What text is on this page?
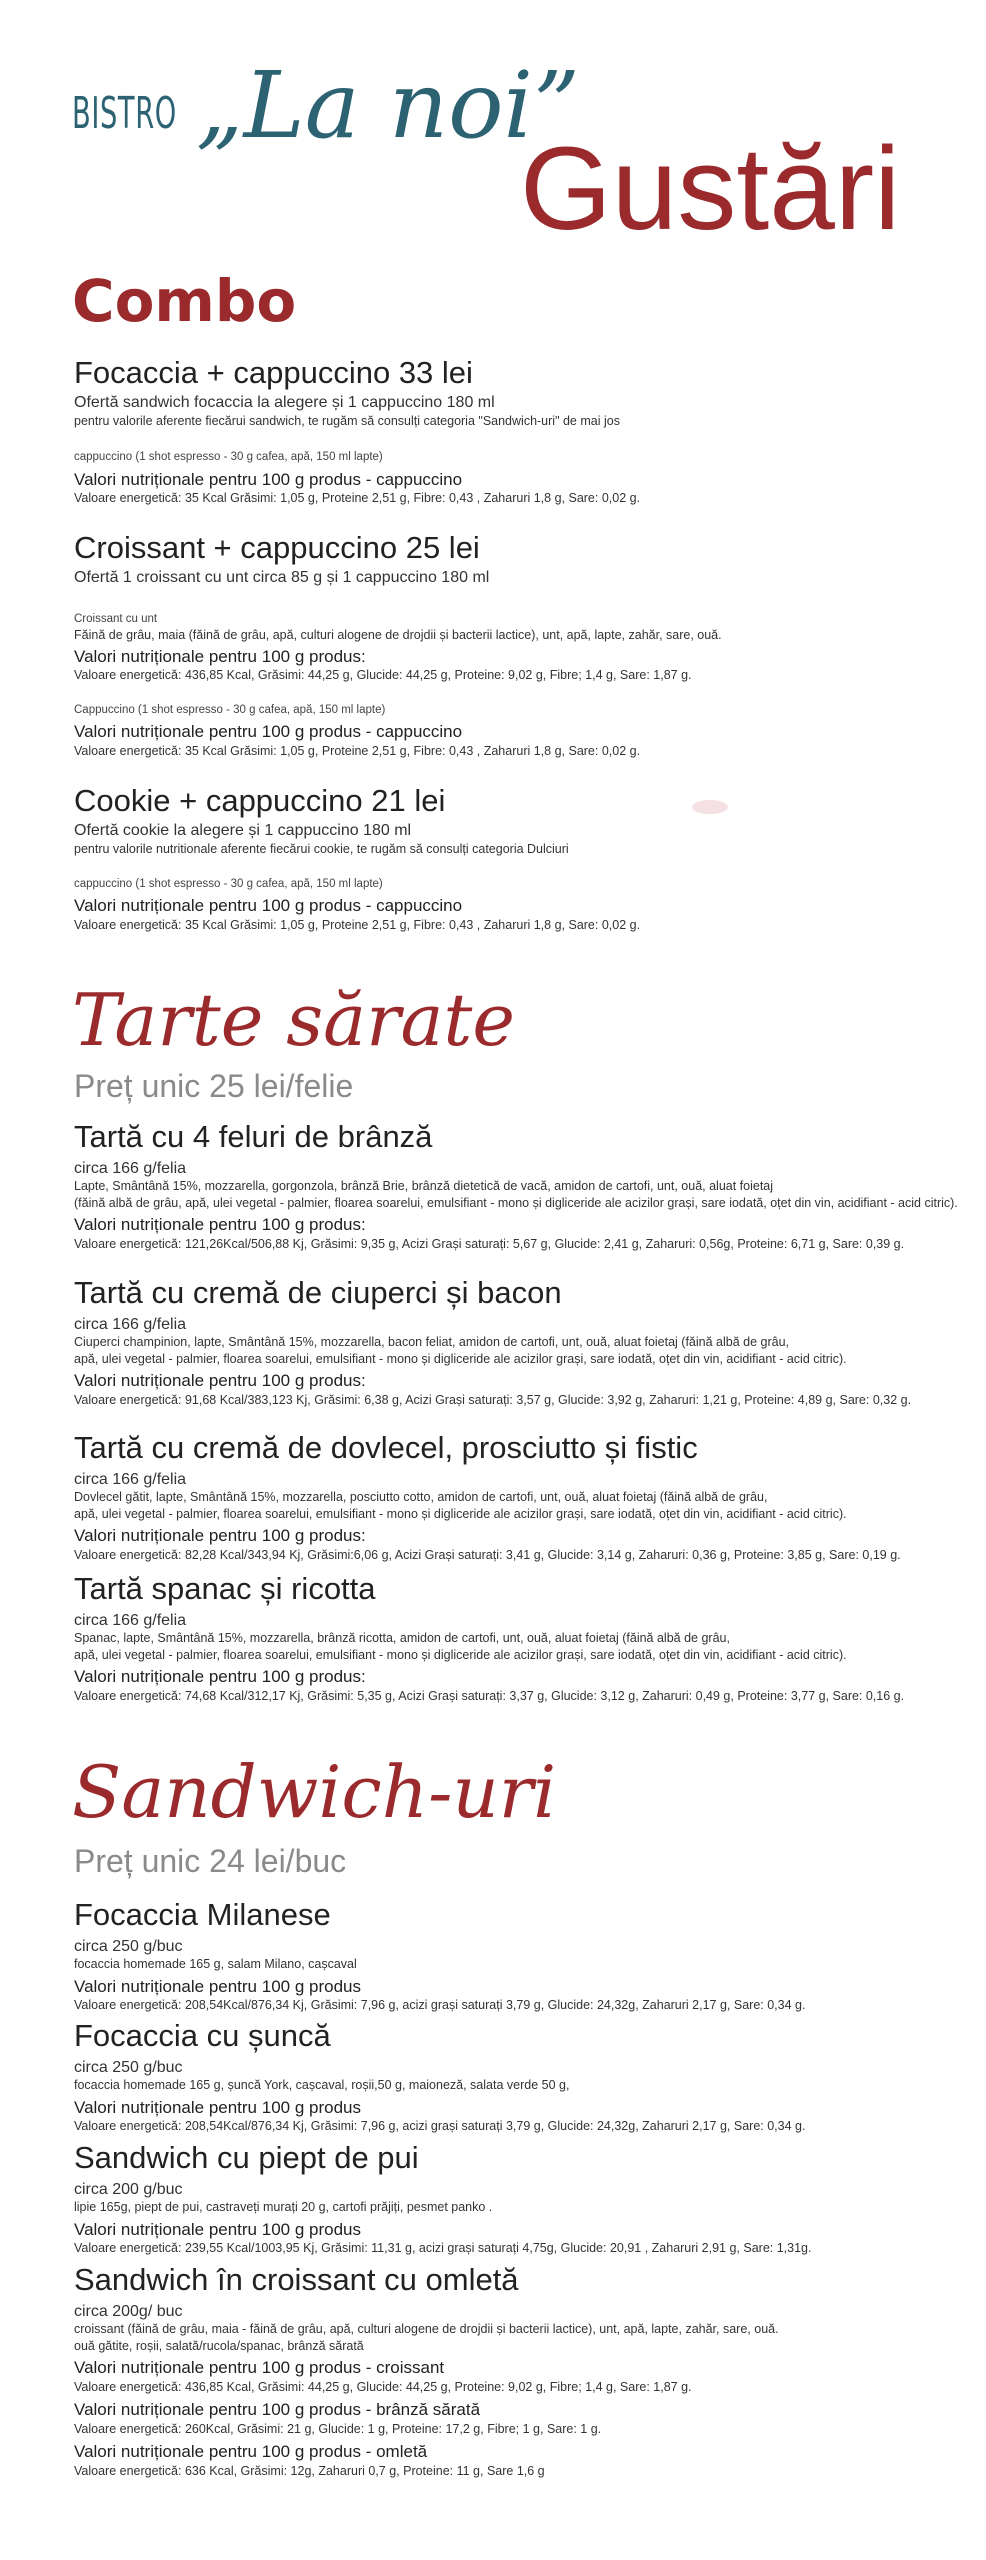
BISTRO „La noi”
Gustări
Combo
Focaccia + cappuccino 33 lei
Ofertă sandwich focaccia la alegere și 1 cappuccino 180 ml
pentru valorile aferente fiecărui sandwich, te rugăm să consulți categoria "Sandwich-uri" de mai jos
cappuccino (1 shot espresso - 30 g cafea, apă, 150 ml lapte)
Valori nutriționale pentru 100 g produs - cappuccino
Valoare energetică: 35 Kcal Grăsimi: 1,05 g, Proteine 2,51 g, Fibre: 0,43 , Zaharuri 1,8 g, Sare: 0,02 g.
Croissant + cappuccino 25 lei
Ofertă 1 croissant cu unt circa 85 g și 1 cappuccino 180 ml
Croissant cu unt
Făină de grâu, maia (făină de grâu, apă, culturi alogene de drojdii și bacterii lactice), unt, apă, lapte, zahăr, sare, ouă.
Valori nutriționale pentru 100 g produs:
Valoare energetică: 436,85 Kcal, Grăsimi: 44,25 g, Glucide: 44,25 g, Proteine: 9,02 g, Fibre; 1,4 g, Sare: 1,87 g.
Cappuccino (1 shot espresso - 30 g cafea, apă, 150 ml lapte)
Valori nutriționale pentru 100 g produs - cappuccino
Valoare energetică: 35 Kcal Grăsimi: 1,05 g, Proteine 2,51 g, Fibre: 0,43 , Zaharuri 1,8 g, Sare: 0,02 g.
Cookie + cappuccino 21 lei
Ofertă cookie la alegere și 1 cappuccino 180 ml
pentru valorile nutritionale aferente fiecărui cookie, te rugăm să consulți categoria Dulciuri
cappuccino (1 shot espresso - 30 g cafea, apă, 150 ml lapte)
Valori nutriționale pentru 100 g produs - cappuccino
Valoare energetică: 35 Kcal Grăsimi: 1,05 g, Proteine 2,51 g, Fibre: 0,43 , Zaharuri 1,8 g, Sare: 0,02 g.
Tarte sărate
Preț unic 25 lei/felie
Tartă cu 4 feluri de brânză
circa 166 g/felia
Lapte, Smântână 15%, mozzarella, gorgonzola, brânză Brie, brânză dietetică de vacă, amidon de cartofi, unt, ouă, aluat foietaj
(făină albă de grâu, apă, ulei vegetal - palmier, floarea soarelui, emulsifiant - mono și digliceride ale acizilor grași, sare iodată, oțet din vin, acidifiant - acid citric).
Valori nutriționale pentru 100 g produs:
Valoare energetică: 121,26Kcal/506,88 Kj, Grăsimi: 9,35 g, Acizi Grași saturați: 5,67 g, Glucide: 2,41 g, Zaharuri: 0,56g, Proteine: 6,71 g, Sare: 0,39 g.
Tartă cu cremă de ciuperci și bacon
circa 166 g/felia
Ciuperci champinion, lapte, Smântână 15%, mozzarella, bacon feliat, amidon de cartofi, unt, ouă, aluat foietaj (făină albă de grâu,
apă, ulei vegetal - palmier, floarea soarelui, emulsifiant - mono și digliceride ale acizilor grași, sare iodată, oțet din vin, acidifiant - acid citric).
Valori nutriționale pentru 100 g produs:
Valoare energetică: 91,68 Kcal/383,123 Kj, Grăsimi: 6,38 g, Acizi Grași saturați: 3,57 g, Glucide: 3,92 g, Zaharuri: 1,21 g, Proteine: 4,89 g, Sare: 0,32 g.
Tartă cu cremă de dovlecel, prosciutto și fistic
circa 166 g/felia
Dovlecel gătit, lapte, Smântână 15%, mozzarella, posciutto cotto, amidon de cartofi, unt, ouă, aluat foietaj (făină albă de grâu,
apă, ulei vegetal - palmier, floarea soarelui, emulsifiant - mono și digliceride ale acizilor grași, sare iodată, oțet din vin, acidifiant - acid citric).
Valori nutriționale pentru 100 g produs:
Valoare energetică: 82,28 Kcal/343,94 Kj, Grăsimi:6,06 g, Acizi Grași saturați: 3,41 g, Glucide: 3,14 g, Zaharuri: 0,36 g, Proteine: 3,85 g, Sare: 0,19 g.
Tartă spanac și ricotta
circa 166 g/felia
Spanac, lapte, Smântână 15%, mozzarella, brânză ricotta, amidon de cartofi, unt, ouă, aluat foietaj (făină albă de grâu,
apă, ulei vegetal - palmier, floarea soarelui, emulsifiant - mono și digliceride ale acizilor grași, sare iodată, oțet din vin, acidifiant - acid citric).
Valori nutriționale pentru 100 g produs:
Valoare energetică: 74,68 Kcal/312,17 Kj, Grăsimi: 5,35 g, Acizi Grași saturați: 3,37 g, Glucide: 3,12 g, Zaharuri: 0,49 g, Proteine: 3,77 g, Sare: 0,16 g.
Sandwich-uri
Preț unic 24 lei/buc
Focaccia Milanese
circa 250 g/buc
focaccia homemade 165 g, salam Milano, cașcaval
Valori nutriționale pentru 100 g produs
Valoare energetică: 208,54Kcal/876,34 Kj, Grăsimi: 7,96 g, acizi grași saturați 3,79 g, Glucide: 24,32g, Zaharuri 2,17 g, Sare: 0,34 g.
Focaccia cu șuncă
circa 250 g/buc
focaccia homemade 165 g, șuncă York, cașcaval, roșii,50 g, maioneză, salata verde 50 g,
Valori nutriționale pentru 100 g produs
Valoare energetică: 208,54Kcal/876,34 Kj, Grăsimi: 7,96 g, acizi grași saturați 3,79 g, Glucide: 24,32g, Zaharuri 2,17 g, Sare: 0,34 g.
Sandwich cu piept de pui
circa 200 g/buc
lipie 165g, piept de pui, castraveți murați 20 g, cartofi prăjiți, pesmet panko .
Valori nutriționale pentru 100 g produs
Valoare energetică: 239,55 Kcal/1003,95 Kj, Grăsimi: 11,31 g, acizi grași saturați 4,75g, Glucide: 20,91 , Zaharuri 2,91 g, Sare: 1,31g.
Sandwich în croissant cu omletă
circa 200g/ buc
croissant (făină de grâu, maia - făină de grâu, apă, culturi alogene de drojdii și bacterii lactice), unt, apă, lapte, zahăr, sare, ouă.
ouă gătite, roșii, salată/rucola/spanac, brânză sărată
Valori nutriționale pentru 100 g produs - croissant
Valoare energetică: 436,85 Kcal, Grăsimi: 44,25 g, Glucide: 44,25 g, Proteine: 9,02 g, Fibre; 1,4 g, Sare: 1,87 g.
Valori nutriționale pentru 100 g produs - brânză sărată
Valoare energetică: 260Kcal, Grăsimi: 21 g, Glucide: 1 g, Proteine: 17,2 g, Fibre; 1 g, Sare: 1 g.
Valori nutriționale pentru 100 g produs - omletă
Valoare energetică: 636 Kcal, Grăsimi: 12g, Zaharuri 0,7 g, Proteine: 11 g, Sare 1,6 g
